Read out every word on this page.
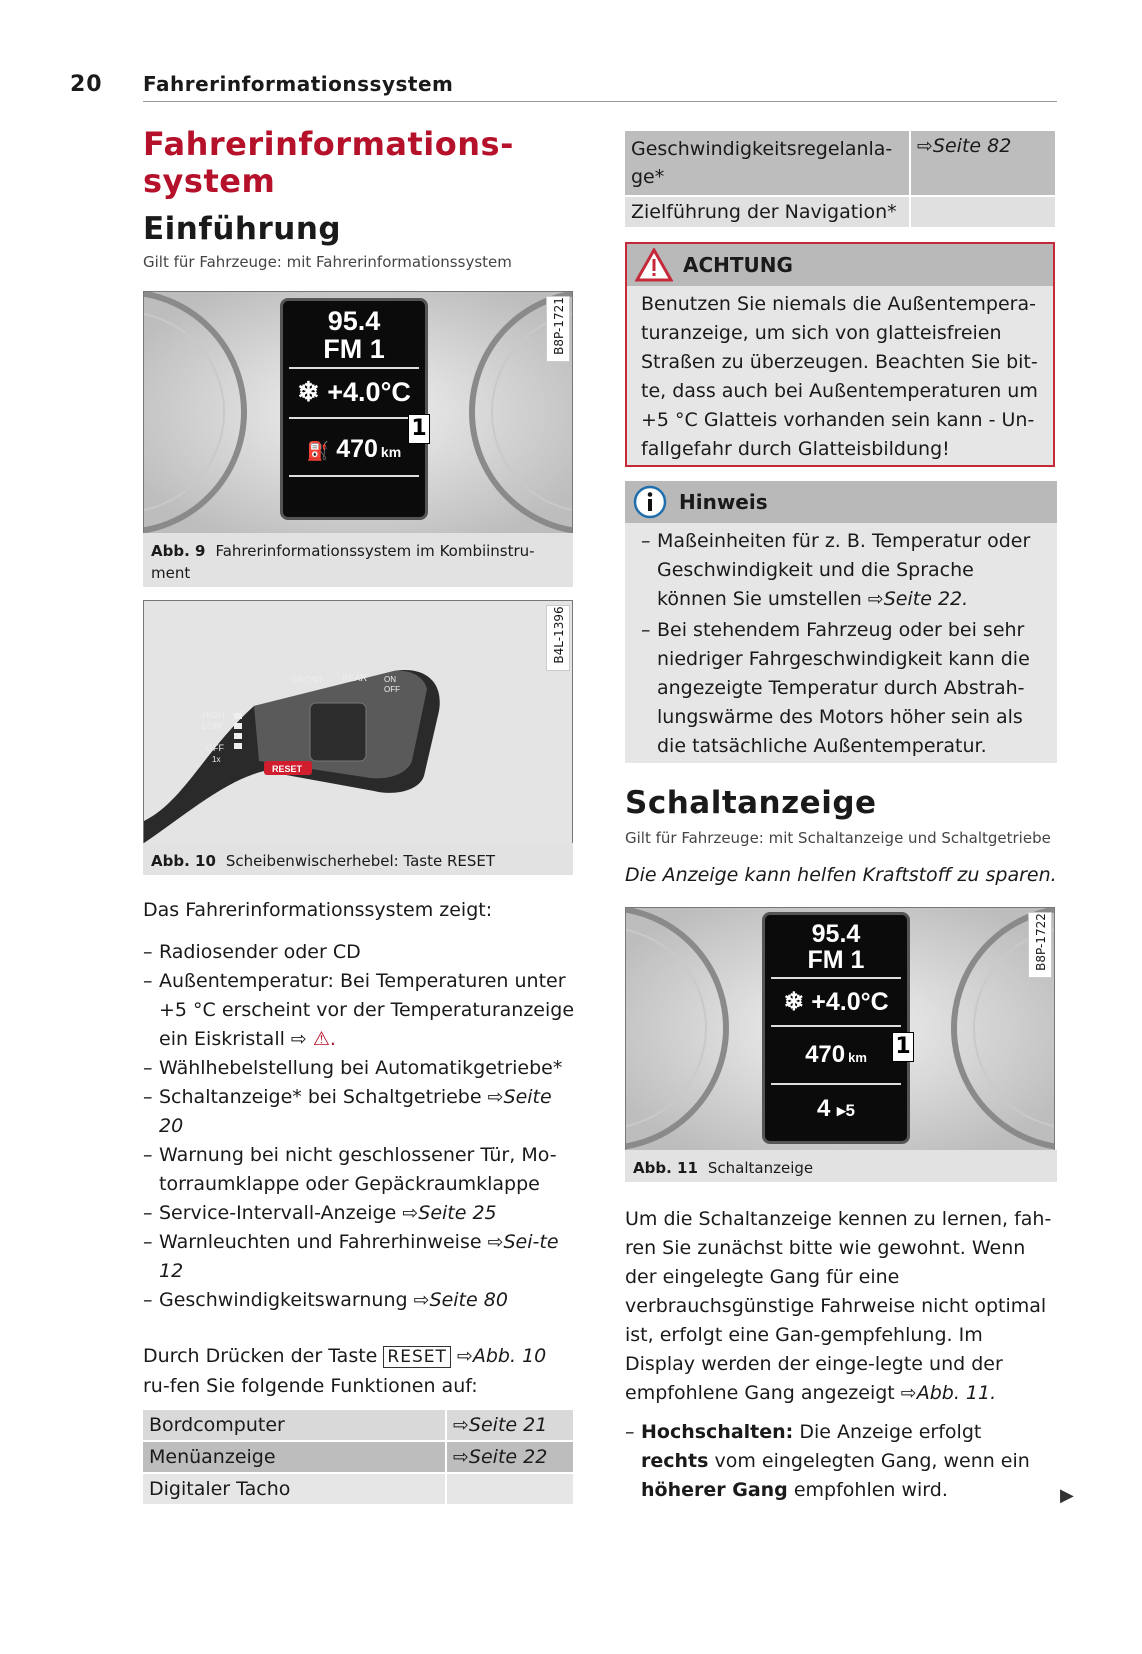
20 Fahrerinformationssystem
Fahrerinformations-
system
Einführung
Gilt für Fahrzeuge: mit Fahrerinformationssystem
95.4
FM 1
❄ +4.0°C
⛽ 470 km
1
B8P-1721
Abb. 9 Fahrerinformationssystem im Kombiinstru-ment
FRONT REAR ON
OFF
HIGH
LOW
OFF
1x
RESET
B4L-1396
Abb. 10 Scheibenwischerhebel: Taste RESET
Das Fahrerinformationssystem zeigt:
– Radiosender oder CD
– Außentemperatur: Bei Temperaturen unter +5 °C erscheint vor der Temperaturanzeige ein Eiskristall ⇨ ⚠.
– Wählhebelstellung bei Automatikgetriebe*
– Schaltanzeige* bei Schaltgetriebe ⇨Seite 20
– Warnung bei nicht geschlossener Tür, Mo-torraumklappe oder Gepäckraumklappe
– Service-Intervall-Anzeige ⇨Seite 25
– Warnleuchten und Fahrerhinweise ⇨Sei-te 12
– Geschwindigkeitswarnung ⇨Seite 80
Durch Drücken der Taste RESET ⇨Abb. 10 ru-fen Sie folgende Funktionen auf:
Bordcomputer	⇨Seite 21
Menüanzeige	⇨Seite 22
Digitaler Tacho	
Geschwindigkeitsregelanla-ge*	⇨Seite 82
Zielführung der Navigation*	
ACHTUNG
Benutzen Sie niemals die Außentempera-turanzeige, um sich von glatteisfreien Straßen zu überzeugen. Beachten Sie bit-te, dass auch bei Außentemperaturen um +5 °C Glatteis vorhanden sein kann - Un-fallgefahr durch Glatteisbildung!
Hinweis
– Maßeinheiten für z. B. Temperatur oder Geschwindigkeit und die Sprache können Sie umstellen ⇨Seite 22.
– Bei stehendem Fahrzeug oder bei sehr niedriger Fahrgeschwindigkeit kann die angezeigte Temperatur durch Abstrah-lungswärme des Motors höher sein als die tatsächliche Außentemperatur.
Schaltanzeige
Gilt für Fahrzeuge: mit Schaltanzeige und Schaltgetriebe
Die Anzeige kann helfen Kraftstoff zu sparen.
95.4
FM 1
❄ +4.0°C
470 km
4 ▸5
1
B8P-1722
Abb. 11 Schaltanzeige
Um die Schaltanzeige kennen zu lernen, fah-ren Sie zunächst bitte wie gewohnt. Wenn der eingelegte Gang für eine verbrauchsgünstige Fahrweise nicht optimal ist, erfolgt eine Gan-gempfehlung. Im Display werden der einge-legte und der empfohlene Gang angezeigt ⇨Abb. 11.
– Hochschalten: Die Anzeige erfolgt rechts vom eingelegten Gang, wenn ein höherer Gang empfohlen wird.	▶
